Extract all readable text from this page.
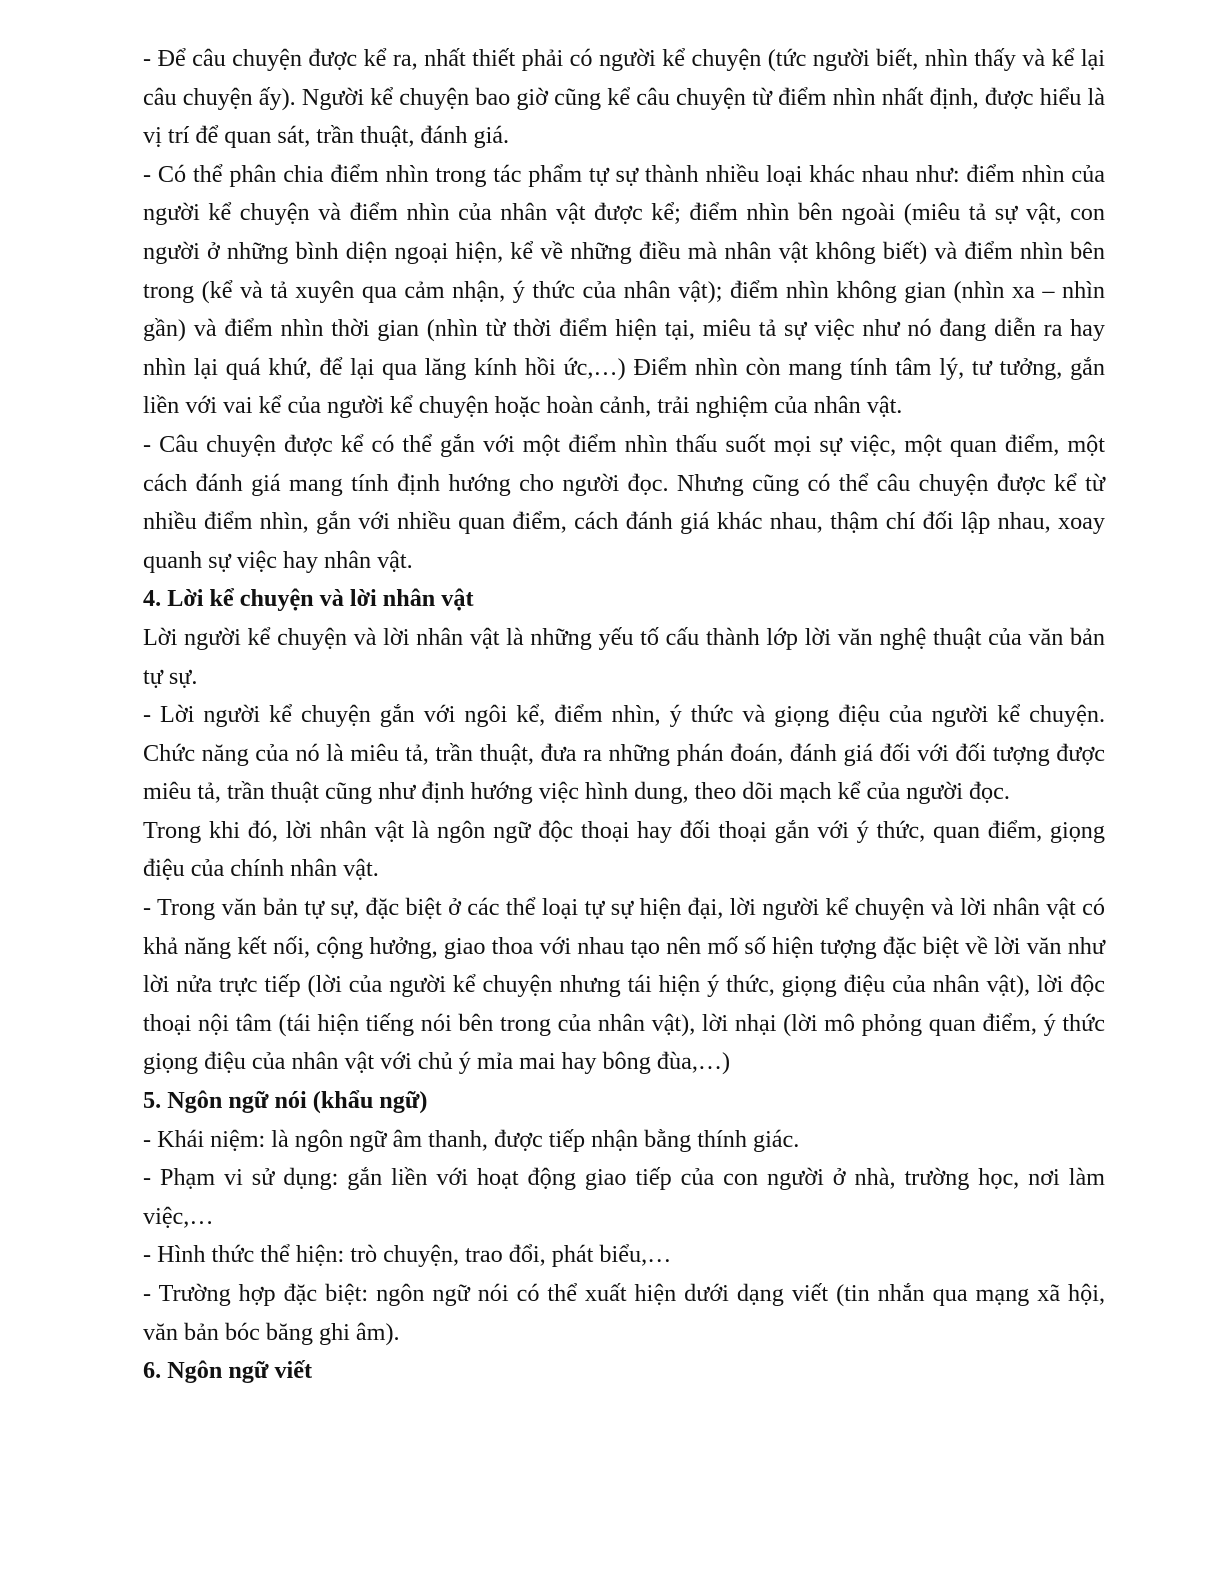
- Để câu chuyện được kể ra, nhất thiết phải có người kể chuyện (tức người biết, nhìn thấy và kể lại câu chuyện ấy). Người kể chuyện bao giờ cũng kể câu chuyện từ điểm nhìn nhất định, được hiểu là vị trí để quan sát, trần thuật, đánh giá.

- Có thể phân chia điểm nhìn trong tác phẩm tự sự thành nhiều loại khác nhau như: điểm nhìn của người kể chuyện và điểm nhìn của nhân vật được kể; điểm nhìn bên ngoài (miêu tả sự vật, con người ở những bình diện ngoại hiện, kể về những điều mà nhân vật không biết) và điểm nhìn bên trong (kể và tả xuyên qua cảm nhận, ý thức của nhân vật); điểm nhìn không gian (nhìn xa – nhìn gần) và điểm nhìn thời gian (nhìn từ thời điểm hiện tại, miêu tả sự việc như nó đang diễn ra hay nhìn lại quá khứ, để lại qua lăng kính hồi ức,…) Điểm nhìn còn mang tính tâm lý, tư tưởng, gắn liền với vai kể của người kể chuyện hoặc hoàn cảnh, trải nghiệm của nhân vật.

- Câu chuyện được kể có thể gắn với một điểm nhìn thấu suốt mọi sự việc, một quan điểm, một cách đánh giá mang tính định hướng cho người đọc. Nhưng cũng có thể câu chuyện được kể từ nhiều điểm nhìn, gắn với nhiều quan điểm, cách đánh giá khác nhau, thậm chí đối lập nhau, xoay quanh sự việc hay nhân vật.

4. Lời kể chuyện và lời nhân vật

Lời người kể chuyện và lời nhân vật là những yếu tố cấu thành lớp lời văn nghệ thuật của văn bản tự sự.

- Lời người kể chuyện gắn với ngôi kể, điểm nhìn, ý thức và giọng điệu của người kể chuyện. Chức năng của nó là miêu tả, trần thuật, đưa ra những phán đoán, đánh giá đối với đối tượng được miêu tả, trần thuật cũng như định hướng việc hình dung, theo dõi mạch kể của người đọc.

Trong khi đó, lời nhân vật là ngôn ngữ độc thoại hay đối thoại gắn với ý thức, quan điểm, giọng điệu của chính nhân vật.

- Trong văn bản tự sự, đặc biệt ở các thể loại tự sự hiện đại, lời người kể chuyện và lời nhân vật có khả năng kết nối, cộng hưởng, giao thoa với nhau tạo nên mố số hiện tượng đặc biệt về lời văn như lời nửa trực tiếp (lời của người kể chuyện nhưng tái hiện ý thức, giọng điệu của nhân vật), lời độc thoại nội tâm (tái hiện tiếng nói bên trong của nhân vật), lời nhại (lời mô phỏng quan điểm, ý thức giọng điệu của nhân vật với chủ ý mỉa mai hay bông đùa,…)

5. Ngôn ngữ nói (khẩu ngữ)

- Khái niệm: là ngôn ngữ âm thanh, được tiếp nhận bằng thính giác.

- Phạm vi sử dụng: gắn liền với hoạt động giao tiếp của con người ở nhà, trường học, nơi làm việc,…

- Hình thức thể hiện: trò chuyện, trao đổi, phát biểu,…

- Trường hợp đặc biệt: ngôn ngữ nói có thể xuất hiện dưới dạng viết (tin nhắn qua mạng xã hội, văn bản bóc băng ghi âm).

6. Ngôn ngữ viết
